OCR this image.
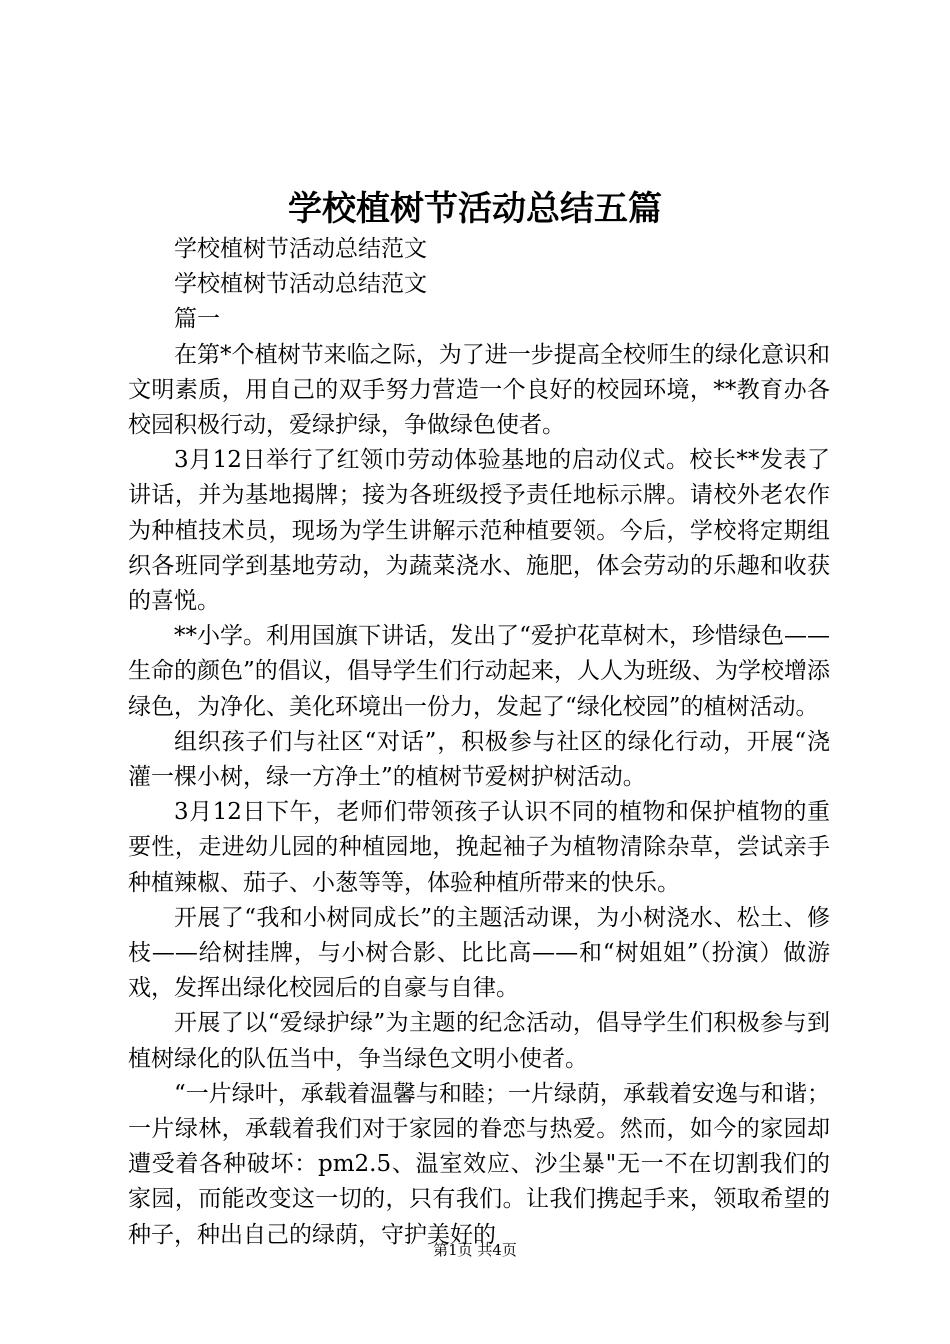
学校植树节活动总结五篇

学校植树节活动总结范文

学校植树节活动总结范文

篇一

在第*个植树节来临之际，为了进一步提高全校师生的绿化意识和文明素质，用自己的双手努力营造一个良好的校园环境，**教育办各校园积极行动，爱绿护绿，争做绿色使者。

3月12日举行了红领巾劳动体验基地的启动仪式。校长**发表了讲话，并为基地揭牌；接为各班级授予责任地标示牌。请校外老农作为种植技术员，现场为学生讲解示范种植要领。今后，学校将定期组织各班同学到基地劳动，为蔬菜浇水、施肥，体会劳动的乐趣和收获的喜悦。

**小学。利用国旗下讲话，发出了“爱护花草树木，珍惜绿色——生命的颜色”的倡议，倡导学生们行动起来，人人为班级、为学校增添绿色，为净化、美化环境出一份力，发起了“绿化校园”的植树活动。

组织孩子们与社区“对话”，积极参与社区的绿化行动，开展“浇灌一棵小树，绿一方净土”的植树节爱树护树活动。

3月12日下午，老师们带领孩子认识不同的植物和保护植物的重要性，走进幼儿园的种植园地，挽起袖子为植物清除杂草，尝试亲手种植辣椒、茄子、小葱等等，体验种植所带来的快乐。

开展了“我和小树同成长”的主题活动课，为小树浇水、松土、修枝——给树挂牌，与小树合影、比比高——和“树姐姐”（扮演）做游戏，发挥出绿化校园后的自豪与自律。

开展了以“爱绿护绿”为主题的纪念活动，倡导学生们积极参与到植树绿化的队伍当中，争当绿色文明小使者。

“一片绿叶，承载着温馨与和睦；一片绿荫，承载着安逸与和谐；一片绿林，承载着我们对于家园的眷恋与热爱。然而，如今的家园却遭受着各种破坏：pm2.5、温室效应、沙尘暴"无一不在切割我们的家园，而能改变这一切的，只有我们。让我们携起手来，领取希望的种子，种出自己的绿荫，守护美好的

第1页 共4页
